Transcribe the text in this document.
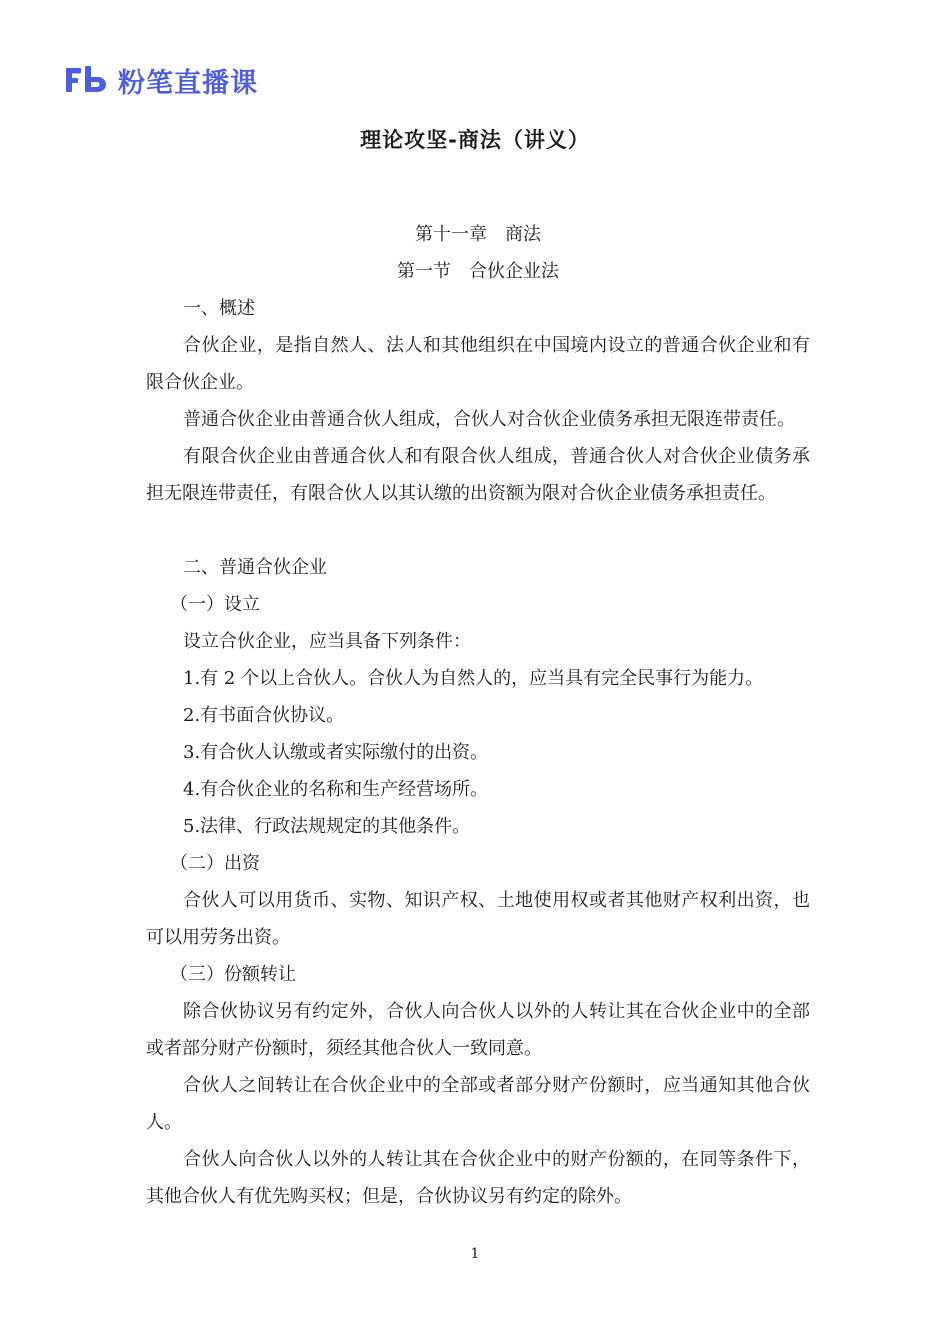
粉笔直播课
理论攻坚-商法（讲义）

第十一章　商法

第一节　合伙企业法

一、概述

合伙企业，是指自然人、法人和其他组织在中国境内设立的普通合伙企业和有限合伙企业。

普通合伙企业由普通合伙人组成，合伙人对合伙企业债务承担无限连带责任。

有限合伙企业由普通合伙人和有限合伙人组成，普通合伙人对合伙企业债务承担无限连带责任，有限合伙人以其认缴的出资额为限对合伙企业债务承担责任。

二、普通合伙企业

（一）设立

设立合伙企业，应当具备下列条件：

1.有 2 个以上合伙人。合伙人为自然人的，应当具有完全民事行为能力。

2.有书面合伙协议。

3.有合伙人认缴或者实际缴付的出资。

4.有合伙企业的名称和生产经营场所。

5.法律、行政法规规定的其他条件。

（二）出资

合伙人可以用货币、实物、知识产权、土地使用权或者其他财产权利出资，也可以用劳务出资。

（三）份额转让

除合伙协议另有约定外，合伙人向合伙人以外的人转让其在合伙企业中的全部或者部分财产份额时，须经其他合伙人一致同意。

合伙人之间转让在合伙企业中的全部或者部分财产份额时，应当通知其他合伙人。

合伙人向合伙人以外的人转让其在合伙企业中的财产份额的，在同等条件下，其他合伙人有优先购买权；但是，合伙协议另有约定的除外。

1
